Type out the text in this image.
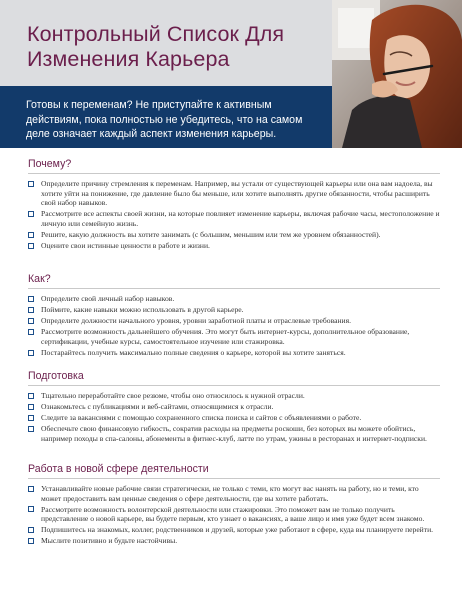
Контрольный Список Для Изменения Карьера

Готовы к переменам? Не приступайте к активным действиям, пока полностью не убедитесь, что на самом деле означает каждый аспект изменения карьеры.

Почему?
Определите причину стремления к переменам. Например, вы устали от существующей карьеры или она вам надоела, вы хотите уйти на понижение, где давление было бы меньше, или хотите выполнять другие обязанности, чтобы расширить свой набор навыков.
Рассмотрите все аспекты своей жизни, на которые повлияет изменение карьеры, включая рабочие часы, местоположение и личную или семейную жизнь.
Решите, какую должность вы хотите занимать (с большим, меньшим или тем же уровнем обязанностей).
Оцените свои истинные ценности в работе и жизни.
Как?
Определите свой личный набор навыков.
Поймите, какие навыки можно использовать в другой карьере.
Определите должности начального уровня, уровни заработной платы и отраслевые требования.
Рассмотрите возможность дальнейшего обучения. Это могут быть интернет-курсы, дополнительное образование, сертификации, учебные курсы, самостоятельное изучение или стажировка.
Постарайтесь получить максимально полные сведения о карьере, которой вы хотите заняться.
Подготовка
Тщательно переработайте свое резюме, чтобы оно относилось к нужной отрасли.
Ознакомьтесь с публикациями и веб-сайтами, относящимися к отрасли.
Следите за вакансиями с помощью сохраненного списка поиска и сайтов с объявлениями о работе.
Обеспечьте свою финансовую гибкость, сократив расходы на предметы роскоши, без которых вы можете обойтись, например походы в спа-салоны, абонементы в фитнес-клуб, латте по утрам, ужины в ресторанах и интернет-подписки.
Работа в новой сфере деятельности
Устанавливайте новые рабочие связи стратегически, не только с теми, кто могут вас нанять на работу, но и теми, кто может предоставить вам ценные сведения о сфере деятельности, где вы хотите работать.
Рассмотрите возможность волонтерской деятельности или стажировки. Это поможет вам не только получить представление о новой карьере, вы будете первым, кто узнает о вакансиях, а ваше лицо и имя уже будет всем знакомо.
Подпишитесь на знакомых, коллег, родственников и друзей, которые уже работают в сфере, куда вы планируете перейти.
Мыслите позитивно и будьте настойчивы.
